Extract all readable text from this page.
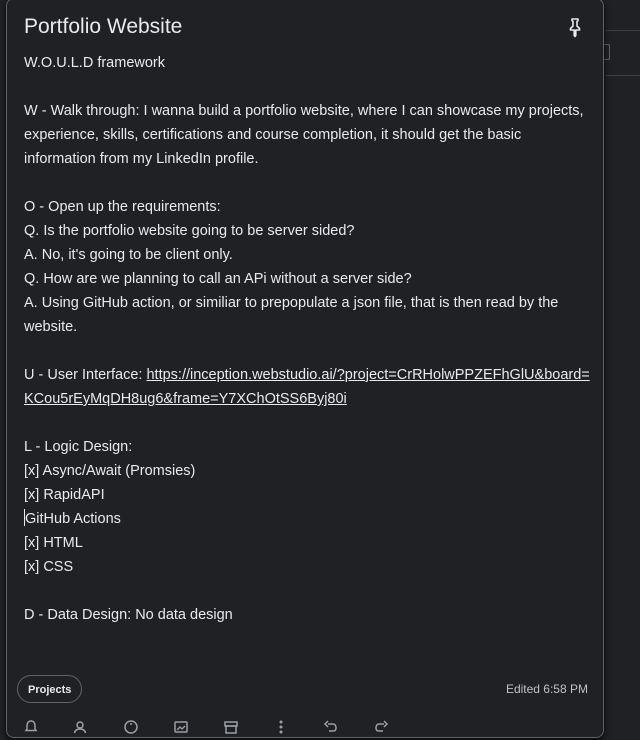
Portfolio Website
W.O.U.L.D framework
W - Walk through: I wanna build a portfolio website, where I can showcase my projects, experience, skills, certifications and course completion, it should get the basic information from my LinkedIn profile.
O - Open up the requirements:
Q. Is the portfolio website going to be server sided?
A. No, it's going to be client only.
Q. How are we planning to call an APi without a server side?
A. Using GitHub action, or similiar to prepopulate a json file, that is then read by the website.
U - User Interface: https://inception.webstudio.ai/?project=CrRHolwPPZEFhGlU&board=KCou5rEyMqDH8ug6&frame=Y7XChOtSS6Byj80i
L - Logic Design:
[x] Async/Await (Promsies)
[x] RapidAPI
GitHub Actions
[x] HTML
[x] CSS
D - Data Design: No data design
Projects	Edited 6:58 PM
